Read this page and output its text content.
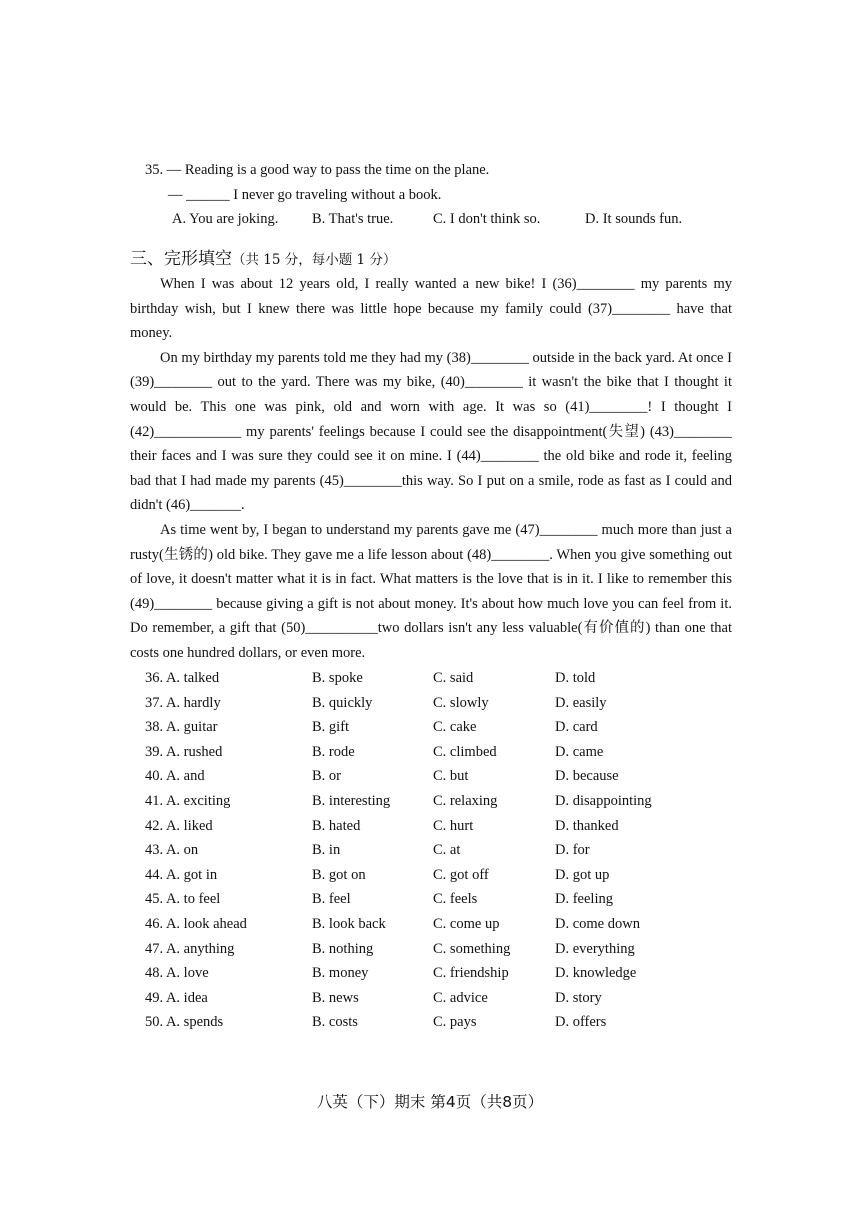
35. — Reading is a good way to pass the time on the plane.
— ______ I never go traveling without a book.
A. You are joking. B. That's true.	C. I don't think so.	D. It sounds fun.
三、完形填空（共 15 分，每小题 1 分）

When I was about 12 years old, I really wanted a new bike! I (36)________ my parents my birthday wish, but I knew there was little hope because my family could (37)________ have that money.

On my birthday my parents told me they had my (38)________ outside in the back yard. At once I (39)________ out to the yard. There was my bike, (40)________ it wasn't the bike that I thought it would be. This one was pink, old and worn with age. It was so (41)________! I thought I (42)____________ my parents' feelings because I could see the disappointment(失望) (43)________ their faces and I was sure they could see it on mine. I (44)________ the old bike and rode it, feeling bad that I had made my parents (45)________this way. So I put on a smile, rode as fast as I could and didn't (46)_______.

As time went by, I began to understand my parents gave me (47)________ much more than just a rusty(生锈的) old bike. They gave me a life lesson about (48)________. When you give something out of love, it doesn't matter what it is in fact. What matters is the love that is in it. I like to remember this (49)________ because giving a gift is not about money. It's about how much love you can feel from it. Do remember, a gift that (50)__________two dollars isn't any less valuable(有价值的) than one that costs one hundred dollars, or even more.

36. A. talked	B. spoke	C. said	D. told
37. A. hardly	B. quickly	C. slowly	D. easily
38. A. guitar	B. gift	C. cake	D. card
39. A. rushed	B. rode	C. climbed	D. came
40. A. and	B. or	C. but	D. because
41. A. exciting	B. interesting	C. relaxing	D. disappointing
42. A. liked	B. hated	C. hurt	D. thanked
43. A. on	B. in	C. at	D. for
44. A. got in	B. got on	C. got off	D. got up
45. A. to feel	B. feel	C. feels	D. feeling
46. A. look ahead	B. look back	C. come up	D. come down
47. A. anything	B. nothing	C. something	D. everything
48. A. love	B. money	C. friendship	D. knowledge
49. A. idea	B. news	C. advice	D. story
50. A. spends	B. costs	C. pays	D. offers
八英（下）期末 第4页（共8页）
